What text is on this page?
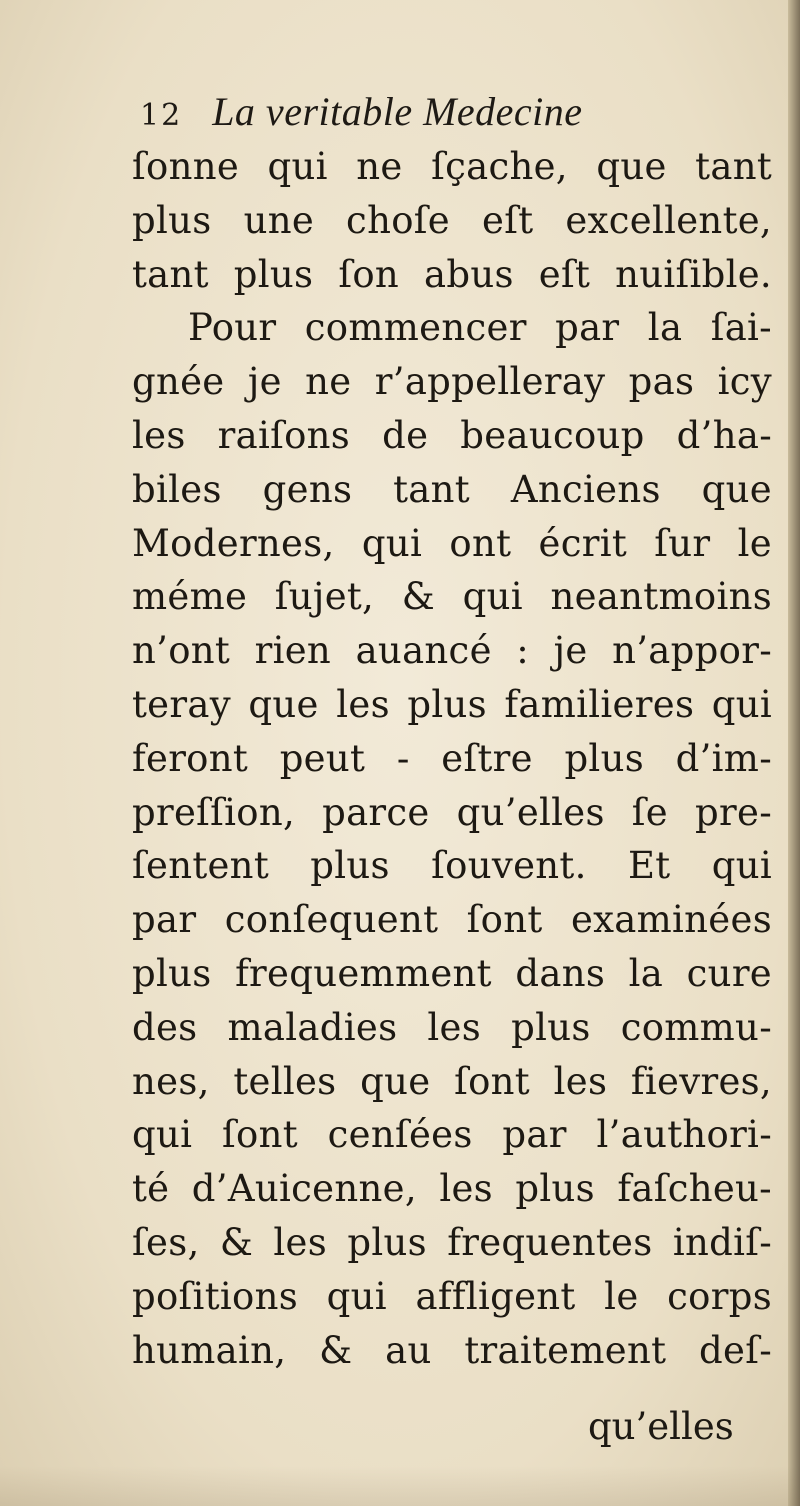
12 La veritable Medecine
ſonne qui ne ſçache, que tant
plus une choſe eſt excellente,
tant plus ſon abus eſt nuiſible.
Pour commencer par la ſai-
gnée je ne r’appelleray pas icy
les raiſons de beaucoup d’ha-
biles gens tant Anciens que
Modernes, qui ont écrit ſur le
méme ſujet, & qui neantmoins
n’ont rien auancé : je n’appor-
teray que les plus familieres qui
feront peut - eſtre plus d’im-
preſſion, parce qu’elles ſe pre-
ſentent plus ſouvent. Et qui
par conſequent ſont examinées
plus frequemment dans la cure
des maladies les plus commu-
nes, telles que ſont les fievres,
qui ſont cenſées par l’authori-
té d’Auicenne, les plus faſcheu-
ſes, & les plus frequentes indiſ-
poſitions qui affligent le corps
humain, & au traitement deſ-
qu’elles
